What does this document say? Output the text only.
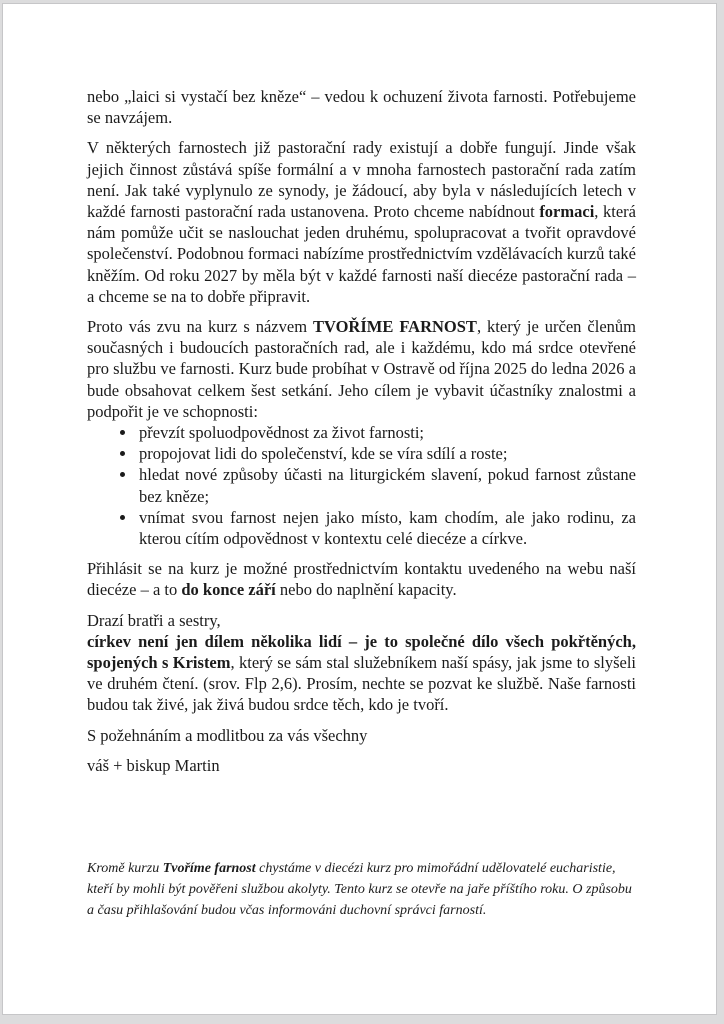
nebo „laici si vystačí bez kněze“ – vedou k ochuzení života farnosti. Potřebujeme se navzájem.

V některých farnostech již pastorační rady existují a dobře fungují. Jinde však jejich činnost zůstává spíše formální a v mnoha farnostech pastorační rada zatím není. Jak také vyplynulo ze synody, je žádoucí, aby byla v následujících letech v každé farnosti pastorační rada ustanovena. Proto chceme nabídnout formaci, která nám pomůže učit se naslouchat jeden druhému, spolupracovat a tvořit opravdové společenství. Podobnou formaci nabízíme prostřednictvím vzdělávacích kurzů také kněžím. Od roku 2027 by měla být v každé farnosti naší diecéze pastorační rada – a chceme se na to dobře připravit.

Proto vás zvu na kurz s názvem TVOŘÍME FARNOST, který je určen členům současných i budoucích pastoračních rad, ale i každému, kdo má srdce otevřené pro službu ve farnosti. Kurz bude probíhat v Ostravě od října 2025 do ledna 2026 a bude obsahovat celkem šest setkání. Jeho cílem je vybavit účastníky znalostmi a podpořit je ve schopnosti:

• převzít spoluodpovědnost za život farnosti;
• propojovat lidi do společenství, kde se víra sdílí a roste;
• hledat nové způsoby účasti na liturgickém slavení, pokud farnost zůstane bez kněze;
• vnímat svou farnost nejen jako místo, kam chodím, ale jako rodinu, za kterou cítím odpovědnost v kontextu celé diecéze a církve.

Přihlásit se na kurz je možné prostřednictvím kontaktu uvedeného na webu naší diecéze – a to do konce září nebo do naplnění kapacity.

Drazí bratři a sestry,
církev není jen dílem několika lidí – je to společné dílo všech pokřtěných, spojených s Kristem, který se sám stal služebníkem naší spásy, jak jsme to slyšeli ve druhém čtení. (srov. Flp 2,6). Prosím, nechte se pozvat ke službě. Naše farnosti budou tak živé, jak živá budou srdce těch, kdo je tvoří.

S požehnáním a modlitbou za vás všechny

váš + biskup Martin

Kromě kurzu Tvoříme farnost chystáme v diecézi kurz pro mimořádní udělovatelé eucharistie, kteří by mohli být pověřeni službou akolyty. Tento kurz se otevře na jaře příštího roku. O způsobu a času přihlašování budou včas informováni duchovní správci farností.
